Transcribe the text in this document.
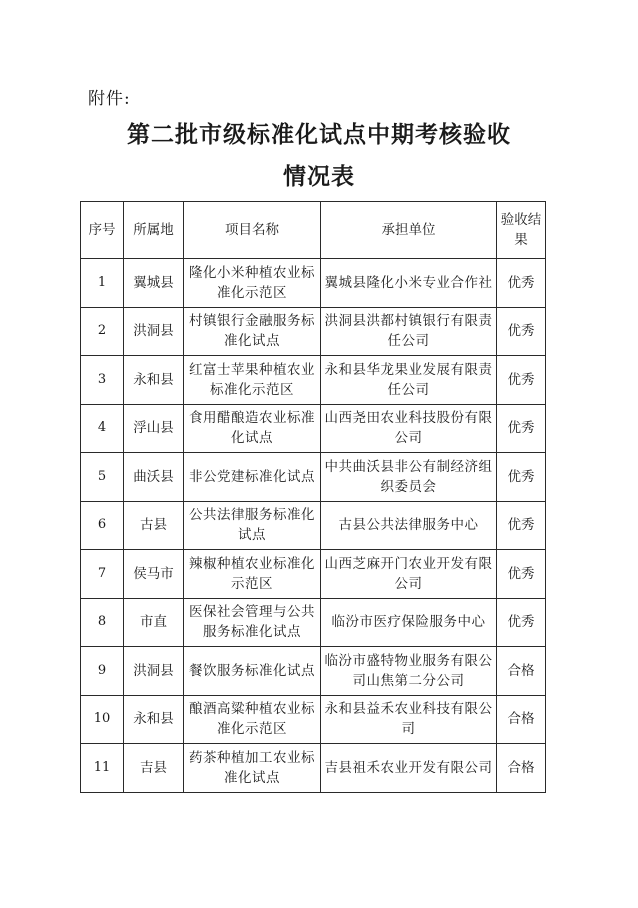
附件:
第二批市级标准化试点中期考核验收
情况表
序号	所属地	项目名称	承担单位	验收结果
1	翼城县	隆化小米种植农业标准化示范区	翼城县隆化小米专业合作社	优秀
2	洪洞县	村镇银行金融服务标准化试点	洪洞县洪都村镇银行有限责任公司	优秀
3	永和县	红富士苹果种植农业标准化示范区	永和县华龙果业发展有限责任公司	优秀
4	浮山县	食用醋酿造农业标准化试点	山西尧田农业科技股份有限公司	优秀
5	曲沃县	非公党建标准化试点	中共曲沃县非公有制经济组织委员会	优秀
6	古县	公共法律服务标准化试点	古县公共法律服务中心	优秀
7	侯马市	辣椒种植农业标准化示范区	山西芝麻开门农业开发有限公司	优秀
8	市直	医保社会管理与公共服务标准化试点	临汾市医疗保险服务中心	优秀
9	洪洞县	餐饮服务标准化试点	临汾市盛特物业服务有限公司山焦第二分公司	合格
10	永和县	酿酒高粱种植农业标准化示范区	永和县益禾农业科技有限公司	合格
11	吉县	药茶种植加工农业标准化试点	吉县祖禾农业开发有限公司	合格
